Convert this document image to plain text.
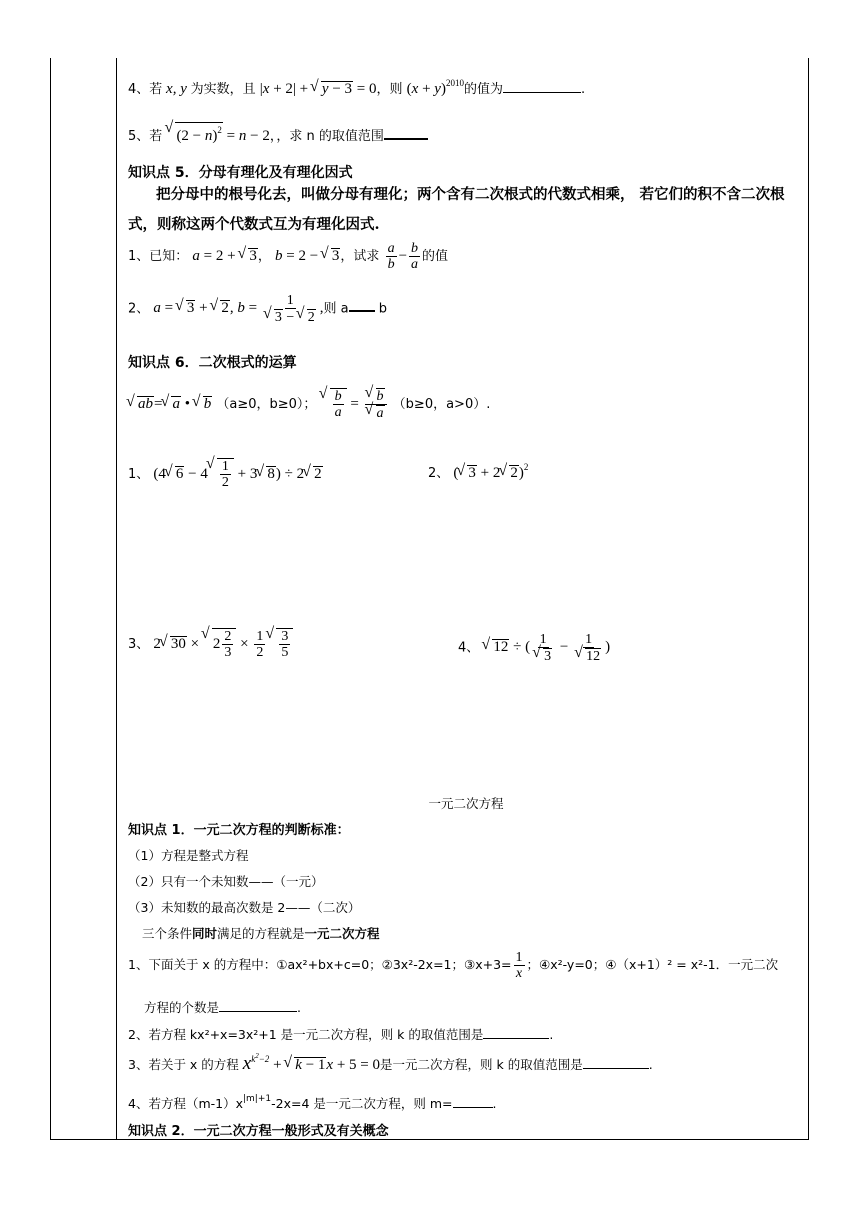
4、若 x, y 为实数，且 |x + 2| + √ y − 3 = 0，则 $(x + y)^{2010}$的值为	.
5、若 √ $(2 - n)^2 = n - 2$，，求 n 的取值范围
知识点 5．分母有理化及有理化因式
把分母中的根号化去，叫做分母有理化；两个含有二次根式的代数式相乘， 若它们的积不含二次根式，则称这两个代数式互为有理化因式.
1、已知： a = 2 + √ 3， b = 2 − √ 3，试求 $\frac{a}{b} - \frac{b}{a}$ 的值
2、 a = √ 3 + √ 2, b = 1
√ 3 − √ 2 ,则 a b
知识点 6．二次根式的运算
√ ab=√ a • √ b （a≥0，b≥0）；
√ $\frac{b}{a}$ =
√ b
√ a （b≥0，a>0）.
1、 (4√ 6 − 4
√ $\frac{1}{2} + 3√$ 8) ÷ 2√ 2	2、 (√ 3 + 2√ 2)$^2$
3、 2√ 30 × √ $2 \frac{2}{3} \times \frac{1}{2}$
√ $\frac{3}{5}$	4、 √ 12 ÷ ( 1
√ 3 − 1
√ 12 )
一元二次方程
知识点 1．一元二次方程的判断标准：
（1）方程是整式方程
（2）只有一个未知数——（一元）
（3）未知数的最高次数是 2——（二次）
三个条件同时满足的方程就是一元二次方程
1、下面关于 x 的方程中：①ax²+bx+c=0；②3x²-2x=1；③x+3= $\frac{1}{x}$ ；④x²-y=0；④（x+1）² = x²-1．一元二次
方程的个数是	.
2、若方程 kx²+x=3x²+1 是一元二次方程，则 k 的取值范围是	.
3、若关于 x 的方程 $x^{k^2-2}$ + √ k − 1x + 5 = 0是一元二次方程，则 k 的取值范围是	.
4、若方程$(m-1)x^{|m|+1}-2x=4$ 是一元二次方程，则 m=	.
知识点 2．一元二次方程一般形式及有关概念
